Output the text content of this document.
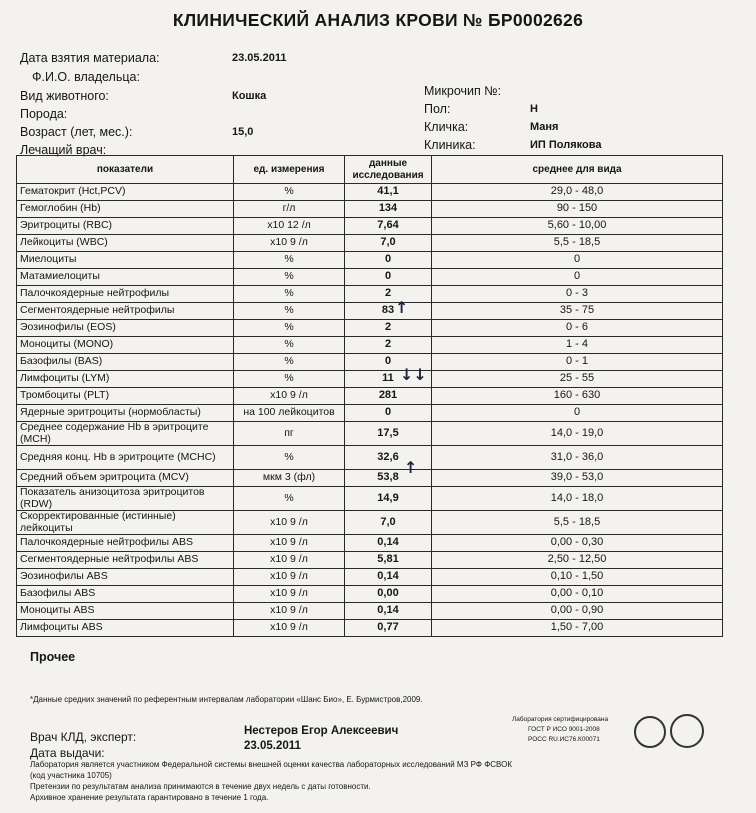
КЛИНИЧЕСКИЙ АНАЛИЗ КРОВИ № БР0002626
Дата взятия материала:	23.05.2011
Ф.И.О. владельца:
Вид животного:	Кошка
Порода:
Возраст (лет, мес.):	15,0
Лечащий врач:
Микрочип №:
Пол:	Н
Кличка:	Маня
Клиника:	ИП Полякова
показатели	ед. измерения	данные исследования	среднее для вида
Гематокрит (Hct,PCV)	%	41,1	29,0 - 48,0
Гемоглобин (Hb)	г/л	134	90 - 150
Эритроциты (RBC)	х10 12 /л	7,64	5,60 - 10,00
Лейкоциты (WBC)	х10 9 /л	7,0	5,5 - 18,5
Миелоциты	%	0	0
Матамиелоциты	%	0	0
Палочкоядерные нейтрофилы	%	2	0 - 3
Сегментоядерные нейтрофилы	%	83	35 - 75
Эозинофилы (EOS)	%	2	0 - 6
Моноциты (MONO)	%	2	1 - 4
Базофилы (BAS)	%	0	0 - 1
Лимфоциты (LYM)	%	11	25 - 55
Тромбоциты (PLT)	х10 9 /л	281	160 - 630
Ядерные эритроциты (нормобласты)	на 100 лейкоцитов	0	0
Среднее содержание Hb в эритроците (МСН)	пг	17,5	14,0 - 19,0
Средняя конц. Hb в эритроците (МСНС)	%	32,6	31,0 - 36,0
Средний объем эритроцита (MCV)	мкм 3 (фл)	53,8	39,0 - 53,0
Показатель анизоцитоза эритроцитов (RDW)	%	14,9	14,0 - 18,0
Скорректированные (истинные) лейкоциты	х10 9 /л	7,0	5,5 - 18,5
Палочкоядерные нейтрофилы ABS	х10 9 /л	0,14	0,00 - 0,30
Сегментоядерные нейтрофилы ABS	х10 9 /л	5,81	2,50 - 12,50
Эозинофилы ABS	х10 9 /л	0,14	0,10 - 1,50
Базофилы ABS	х10 9 /л	0,00	0,00 - 0,10
Моноциты ABS	х10 9 /л	0,14	0,00 - 0,90
Лимфоциты ABS	х10 9 /л	0,77	1,50 - 7,00
↑
↓↓
↑
Прочее
*Данные средних значений по референтным интервалам лаборатории «Шанс Био», Е. Бурмистров,2009.
Врач КЛД, эксперт:	Нестеров Егор Алексеевич
Дата выдачи:	23.05.2011
Лаборатория является участником Федеральной системы внешней оценки качества лабораторных исследований МЗ РФ ФСВОК
(код участника 10705)
Претензии по результатам анализа принимаются в течение двух недель с даты готовности.
Архивное хранение результата гарантировано в течение 1 года.
Лаборатория сертифицирована
ГОСТ Р ИСО 9001-2008
РОСС RU.ИС76.К00071
